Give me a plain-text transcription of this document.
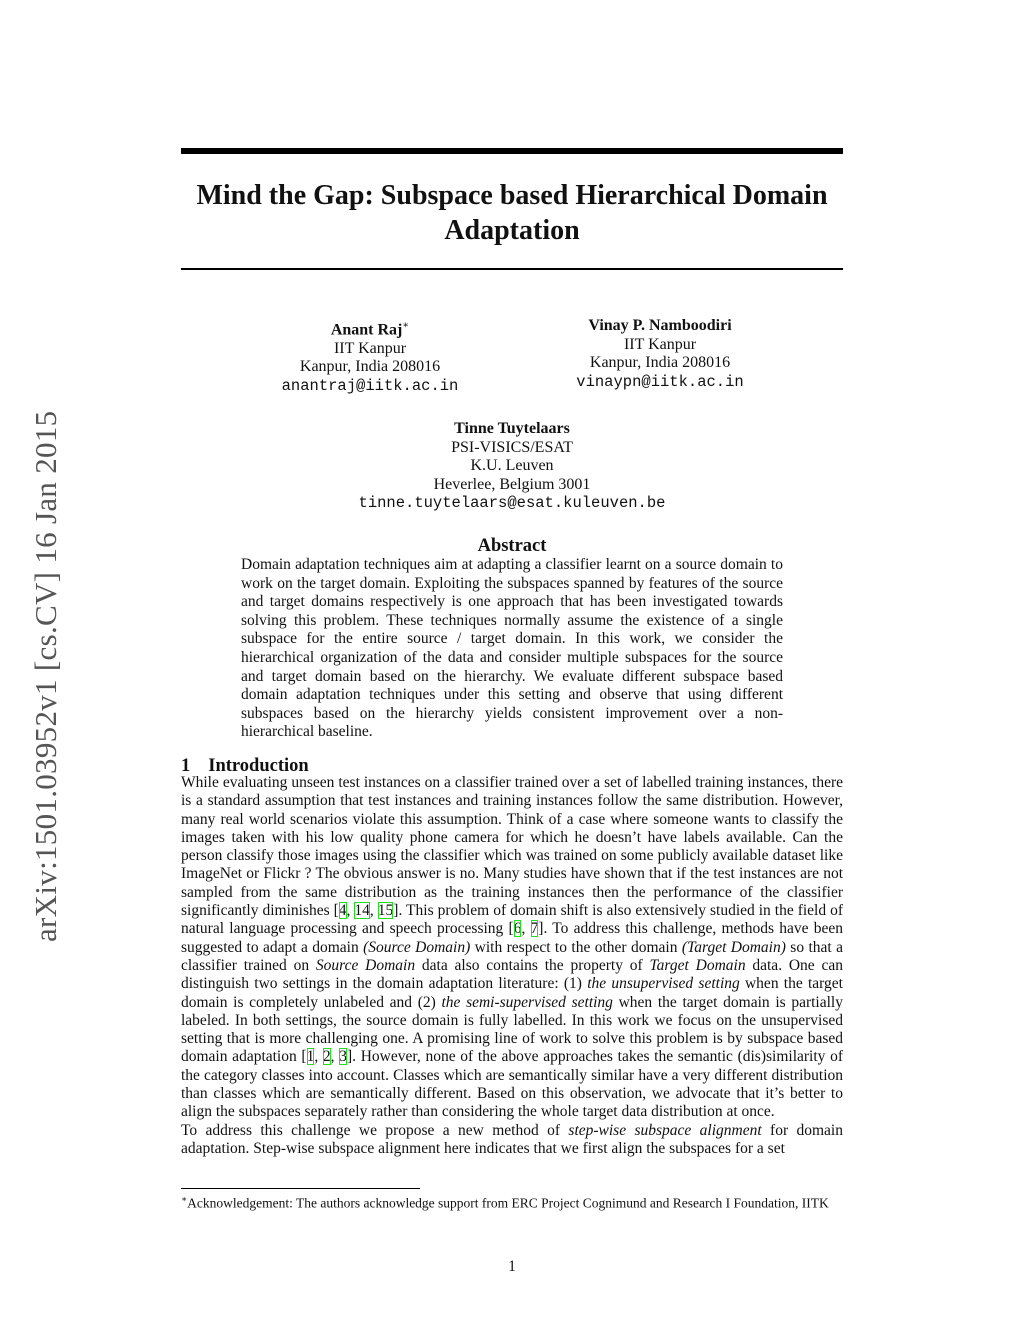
arXiv:1501.03952v1 [cs.CV] 16 Jan 2015
Mind the Gap: Subspace based Hierarchical Domain Adaptation
Anant Raj∗
IIT Kanpur
Kanpur, India 208016
anantraj@iitk.ac.in
Vinay P. Namboodiri
IIT Kanpur
Kanpur, India 208016
vinaypn@iitk.ac.in
Tinne Tuytelaars
PSI-VISICS/ESAT
K.U. Leuven
Heverlee, Belgium 3001
tinne.tuytelaars@esat.kuleuven.be
Abstract
Domain adaptation techniques aim at adapting a classifier learnt on a source domain to work on the target domain. Exploiting the subspaces spanned by features of the source and target domains respectively is one approach that has been investigated towards solving this problem. These techniques normally assume the existence of a single subspace for the entire source / target domain. In this work, we consider the hierarchical organization of the data and consider multiple subspaces for the source and target domain based on the hierarchy. We evaluate different subspace based domain adaptation techniques under this setting and observe that using different subspaces based on the hierarchy yields consistent improvement over a non-hierarchical baseline.
1 Introduction

While evaluating unseen test instances on a classifier trained over a set of labelled training instances, there is a standard assumption that test instances and training instances follow the same distribution. However, many real world scenarios violate this assumption. Think of a case where someone wants to classify the images taken with his low quality phone camera for which he doesn’t have labels available. Can the person classify those images using the classifier which was trained on some publicly available dataset like ImageNet or Flickr ? The obvious answer is no. Many studies have shown that if the test instances are not sampled from the same distribution as the training instances then the performance of the classifier significantly diminishes [4, 14, 15]. This problem of domain shift is also extensively studied in the field of natural language processing and speech processing [6, 7]. To address this challenge, methods have been suggested to adapt a domain (Source Domain) with respect to the other domain (Target Domain) so that a classifier trained on Source Domain data also contains the property of Target Domain data. One can distinguish two settings in the domain adaptation literature: (1) the unsupervised setting when the target domain is completely unlabeled and (2) the semi-supervised setting when the target domain is partially labeled. In both settings, the source domain is fully labelled. In this work we focus on the unsupervised setting that is more challenging one. A promising line of work to solve this problem is by subspace based domain adaptation [1, 2, 3]. However, none of the above approaches takes the semantic (dis)similarity of the category classes into account. Classes which are semantically similar have a very different distribution than classes which are semantically different. Based on this observation, we advocate that it’s better to align the subspaces separately rather than considering the whole target data distribution at once.

To address this challenge we propose a new method of step-wise subspace alignment for domain adaptation. Step-wise subspace alignment here indicates that we first align the subspaces for a set

∗Acknowledgement: The authors acknowledge support from ERC Project Cognimund and Research I Foundation, IITK
1
